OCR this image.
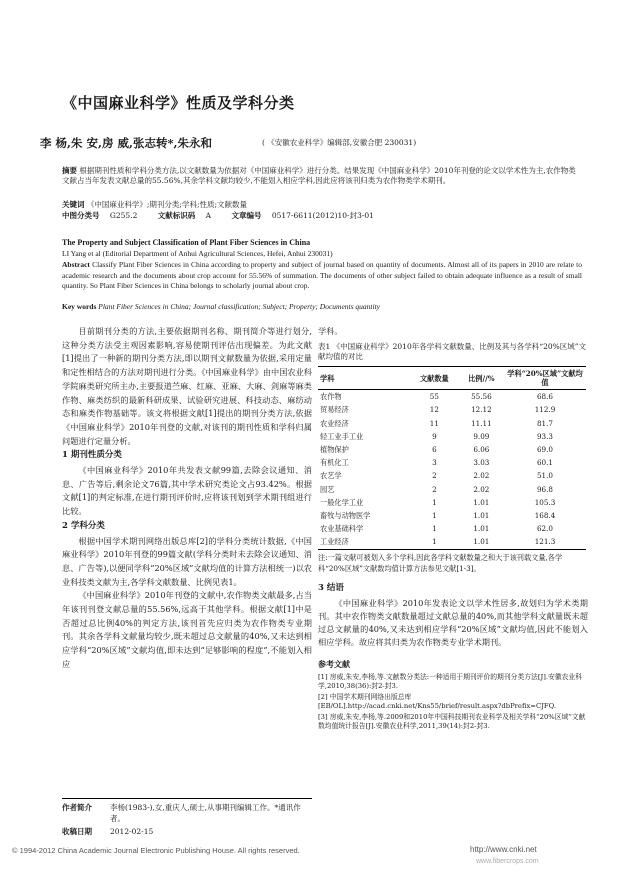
《中国麻业科学》性质及学科分类
李 杨,朱 安,房 威,张志转*,朱永和	( 《安徽农业科学》编辑部,安徽合肥 230031)
摘要 根据期刊性质和学科分类方法,以文献数量为依据对《中国麻业科学》进行分类。结果发现《中国麻业科学》2010年刊登的论文以学术性为主,农作物类文献占当年发表文献总量的55.56%,其余学科文献均较少,不能划入相应学科,因此应将该刊归类为农作物类学术期刊。
关键词 《中国麻业科学》;期刊分类;学科;性质;文献数量
中图分类号 G255.2	文献标识码 A	文章编号 0517-6611(2012)10-封3-01
The Property and Subject Classification of Plant Fiber Sciences in China
LI Yang et al (Editorial Department of Anhui Agricultural Sciences, Hefei, Anhui 230031)
Abstract Classify Plant Fiber Sciences in China according to property and subject of journal based on quantity of documents. Almost all of its papers in 2010 are relate to academic research and the documents about crop account for 55.56% of summation. The documents of other subject failed to obtain adequate influence as a result of small quantity. So Plant Fiber Sciences in China belongs to scholarly journal about crop.
Key words Plant Fiber Sciences in China; Journal classification; Subject; Property; Documents quantity

目前期刊分类的方法,主要依据期刊名称、期刊简介等进行划分,这种分类方法受主观因素影响,容易使期刊评估出现偏差。为此文献[1]提出了一种新的期刊分类方法,即以期刊文献数量为依据,采用定量和定性相结合的方法对期刊进行分类。《中国麻业科学》由中国农业科学院麻类研究所主办,主要报道苎麻、红麻、亚麻、大麻、剑麻等麻类作物、麻类纺织的最新科研成果、试验研究进展、科技动态、麻纺动态和麻类作物基础等。该文将根据文献[1]提出的期刊分类方法,依据《中国麻业科学》2010年刊登的文献,对该刊的期刊性质和学科归属问题进行定量分析。

1 期刊性质分类

《中国麻业科学》2010年共发表文献99篇,去除会议通知、消息、广告等后,剩余论文76篇,其中学术研究类论文占93.42%。根据文献[1]的判定标准,在进行期刊评价时,应将该刊划到学术期刊组进行比较。

2 学科分类

根据中国学术期刊网络出版总库[2]的学科分类统计数据,《中国麻业科学》2010年刊登的99篇文献(学科分类时未去除会议通知、消息、广告等),以便同学科“20%区域”文献均值的计算方法相统一)以农业科技类文献为主,各学科文献数量、比例见表1。

《中国麻业科学》2010年刊登的文献中,农作物类文献最多,占当年该刊刊登文献总量的55.56%,远高于其他学科。根据文献[1]中是否超过总比例40%的判定方法,该刊首先应归类为农作物类专业期刊。其余各学科文献量均较少,既未超过总文献量的40%,又未达到相应学科“20%区域”文献均值,即未达到“足够影响的程度”,不能划入相应

学科。
表1 《中国麻业科学》2010年各学科文献数量、比例及其与各学科“20%区域”文献均值的对比
学科	文献数量	比例//%	学科“20%区域”文献均值
农作物	55	55.56	68.6
贸易经济	12	12.12	112.9
农业经济	11	11.11	81.7
轻工业手工业	9	9.09	93.3
植物保护	6	6.06	69.0
有机化工	3	3.03	60.1
农艺学	2	2.02	51.0
园艺	2	2.02	96.8
一般化学工业	1	1.01	105.3
畜牧与动物医学	1	1.01	168.4
农业基础科学	1	1.01	62.0
工业经济	1	1.01	121.3
注:一篇文献可被划入多个学科,因此各学科文献数量之和大于该刊载文量,各学科“20%区域”文献数均值计算方法参见文献[1-3]。
3 结语

《中国麻业科学》2010年发表论文以学术性居多,故划归为学术类期刊。其中农作物类文献数量超过文献总量的40%,而其他学科文献量既未超过总文献量的40%,又未达到相应学科“20%区域”文献均值,因此不能划入相应学科。故应将其归类为农作物类专业学术期刊。

参考文献
[1] 房威,朱安,李杨,等.文献数分类法:一种适用于期刊评价的期刊分类方法[J].安徽农业科学,2010,38(36):封2-封3.
[2] 中国学术期刊网络出版总库[EB/OL].http://acad.cnki.net/Kns55/brief/result.aspx?dbPrefix=CJFQ.
[3] 房威,朱安,李杨,等.2009和2010年中国科技期刊农业科学及相关学科“20%区域”文献数均值统计报告[J].安徽农业科学,2011,39(14):封2-封3.
作者简介	李杨(1983-),女,重庆人,硕士,从事期刊编辑工作。*通讯作者。
收稿日期	2012-02-15
© 1994-2012 China Academic Journal Electronic Publishing House. All rights reserved.	http://www.cnki.net
www.fibercrops.com
